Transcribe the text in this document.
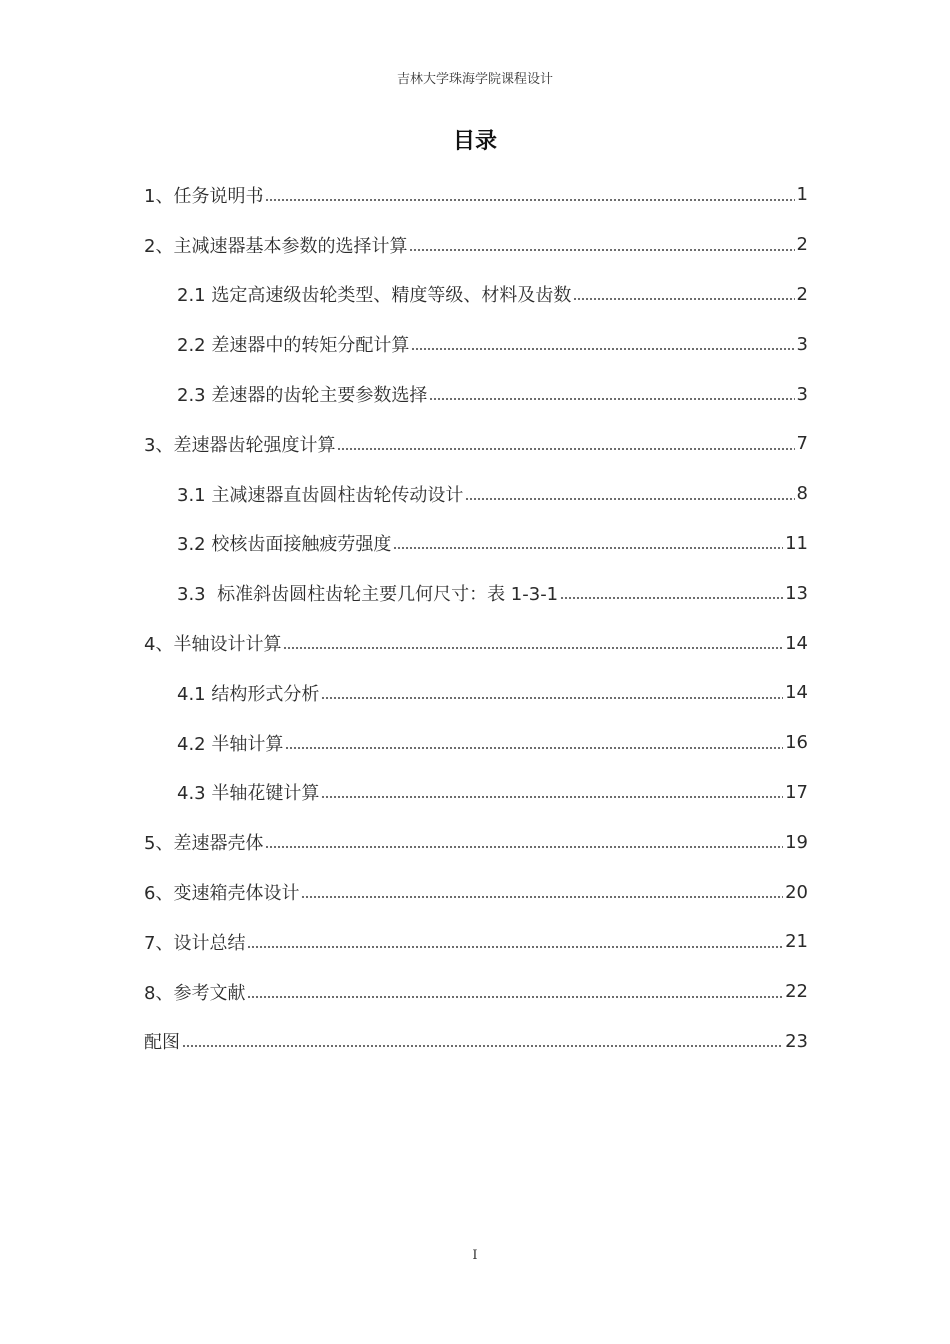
吉林大学珠海学院课程设计
目录
1、任务说明书	1
2、主减速器基本参数的选择计算	2
2.1 选定高速级齿轮类型、精度等级、材料及齿数	2
2.2 差速器中的转矩分配计算	3
2.3 差速器的齿轮主要参数选择	3
3、差速器齿轮强度计算	7
3.1 主减速器直齿圆柱齿轮传动设计	8
3.2 校核齿面接触疲劳强度	11
3.3  标准斜齿圆柱齿轮主要几何尺寸：表 1-3-1	13
4、半轴设计计算	14
4.1 结构形式分析	14
4.2 半轴计算	16
4.3 半轴花键计算	17
5、差速器壳体	19
6、变速箱壳体设计	20
7、设计总结	21
8、参考文献	22
配图	23
I
